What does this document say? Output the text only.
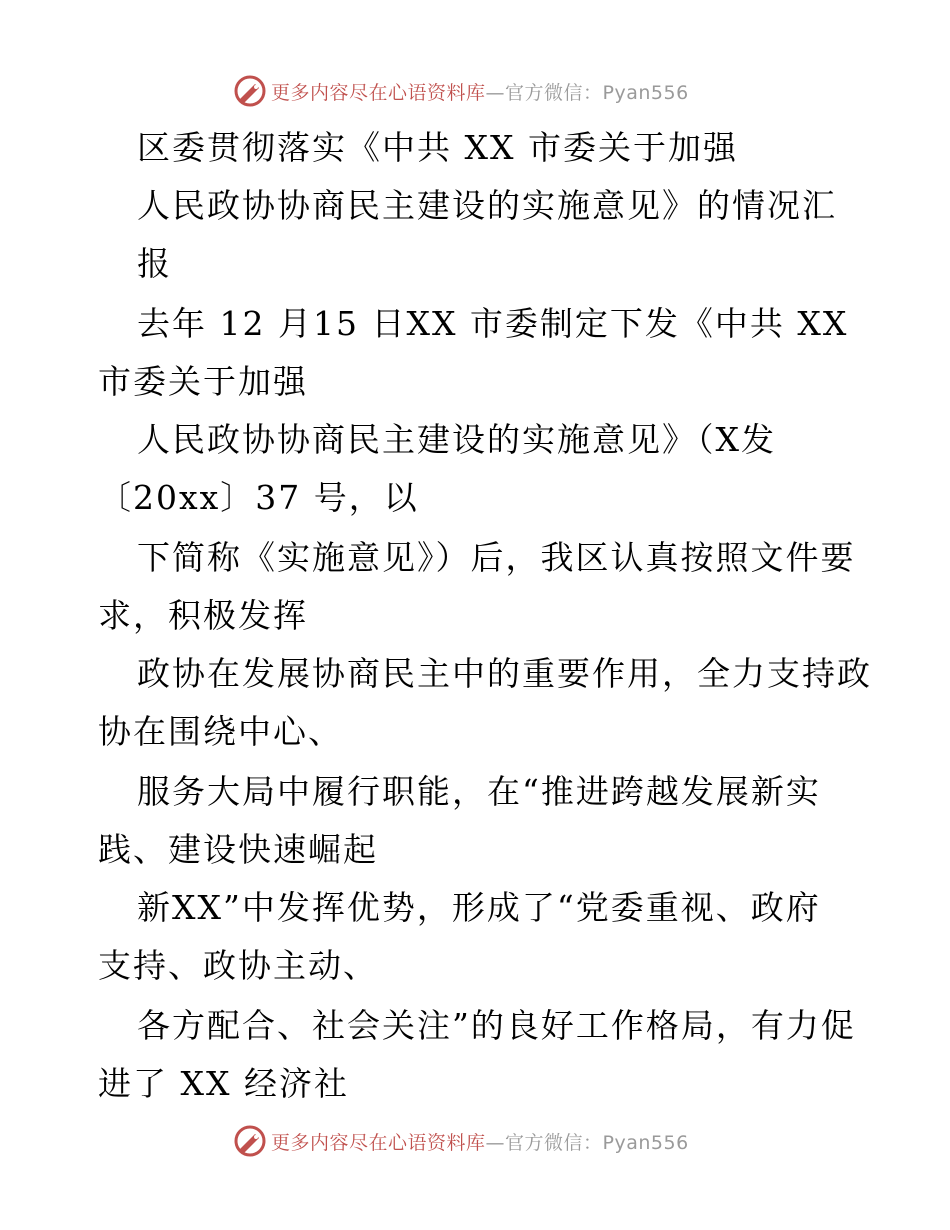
更多内容尽在心语资料库—官方微信：Pyan556
区委贯彻落实《中共 XX 市委关于加强
人民政协协商民主建设的实施意见》的情况汇
报
去年 12 月15 日XX 市委制定下发《中共 XX
市委关于加强
人民政协协商民主建设的实施意见》（X发
〔20xx〕37 号，以
下简称《实施意见》）后，我区认真按照文件要
求，积极发挥
政协在发展协商民主中的重要作用，全力支持政
协在围绕中心、
服务大局中履行职能，在“推进跨越发展新实
践、建设快速崛起
新XX”中发挥优势，形成了“党委重视、政府
支持、政协主动、
各方配合、社会关注”的良好工作格局，有力促
进了 XX 经济社
更多内容尽在心语资料库—官方微信：Pyan556
